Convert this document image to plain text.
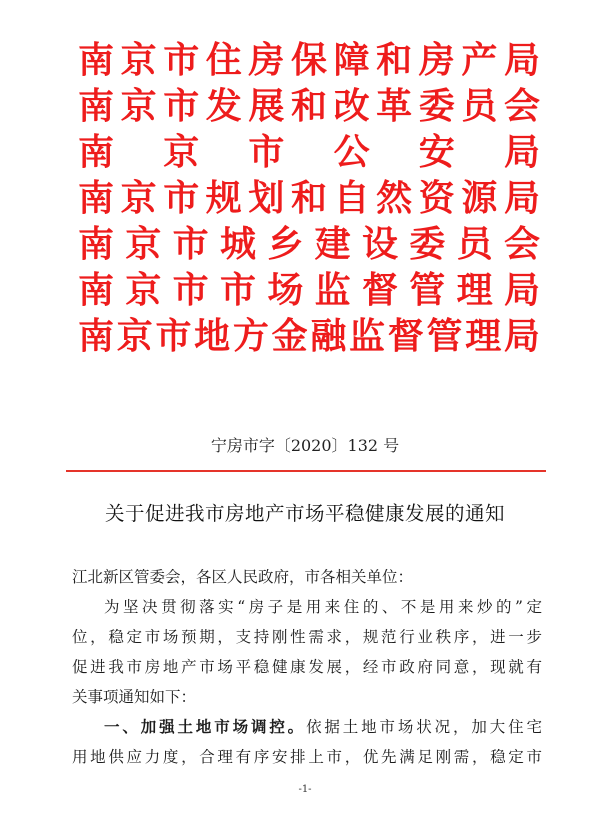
南 京 市 住 房 保 障 和 房 产 局
南 京 市 发 展 和 改 革 委 员 会
南 京 市 公 安 局
南 京 市 规 划 和 自 然 资 源 局
南 京 市 城 乡 建 设 委 员 会
南 京 市 市 场 监 督 管 理 局
南 京 市 地 方 金 融 监 督 管 理 局
宁房市字〔2020〕132 号
关于促进我市房地产市场平稳健康发展的通知
江北新区管委会，各区人民政府，市各相关单位：
为坚决贯彻落实“房子是用来住的、不是用来炒的”定
位，稳定市场预期，支持刚性需求，规范行业秩序，进一步
促进我市房地产市场平稳健康发展，经市政府同意，现就有
关事项通知如下：
一、加强土地市场调控。依据土地市场状况，加大住宅
用地供应力度，合理有序安排上市，优先满足刚需，稳定市
-1-
